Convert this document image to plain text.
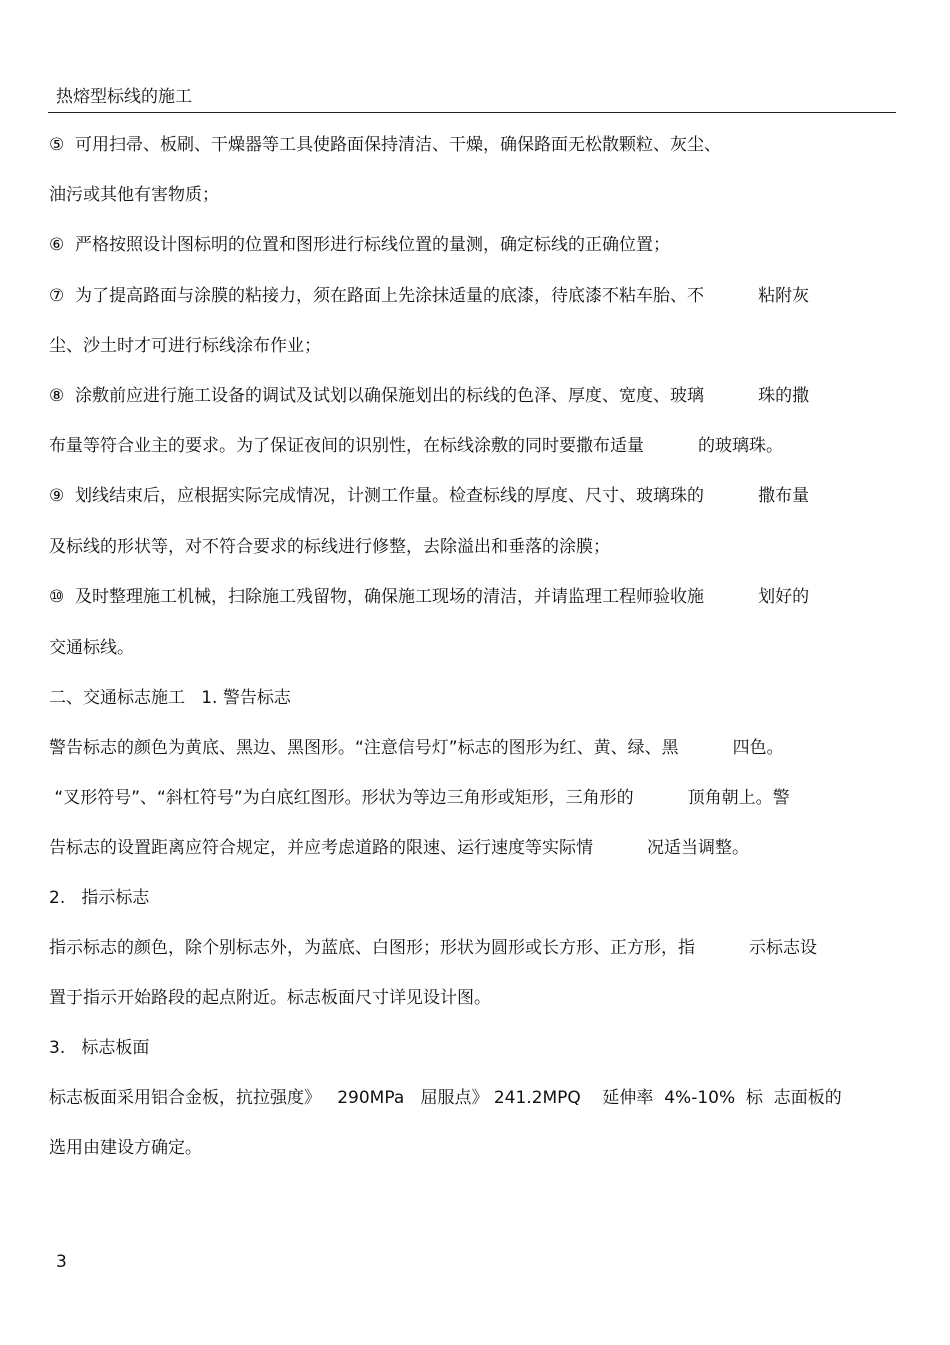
热熔型标线的施工
⑤  可用扫帚、板刷、干燥器等工具使路面保持清洁、干燥，确保路面无松散颗粒、灰尘、
油污或其他有害物质；
⑥  严格按照设计图标明的位置和图形进行标线位置的量测，确定标线的正确位置；
⑦  为了提高路面与涂膜的粘接力，须在路面上先涂抹适量的底漆，待底漆不粘车胎、不          粘附灰
尘、沙土时才可进行标线涂布作业；
⑧  涂敷前应进行施工设备的调试及试划以确保施划出的标线的色泽、厚度、宽度、玻璃          珠的撒
布量等符合业主的要求。为了保证夜间的识别性，在标线涂敷的同时要撒布适量          的玻璃珠。
⑨  划线结束后，应根据实际完成情况，计测工作量。检查标线的厚度、尺寸、玻璃珠的          撒布量
及标线的形状等，对不符合要求的标线进行修整，去除溢出和垂落的涂膜；
⑩  及时整理施工机械，扫除施工残留物，确保施工现场的清洁，并请监理工程师验收施          划好的
交通标线。
二、交通标志施工   1. 警告标志
警告标志的颜色为黄底、黑边、黑图形。“注意信号灯”标志的图形为红、黄、绿、黑          四色。
“叉形符号”、“斜杠符号”为白底红图形。形状为等边三角形或矩形，三角形的          顶角朝上。警
告标志的设置距离应符合规定，并应考虑道路的限速、运行速度等实际情          况适当调整。
2.   指示标志
指示标志的颜色，除个别标志外，为蓝底、白图形；形状为圆形或长方形、正方形，指          示标志设
置于指示开始路段的起点附近。标志板面尺寸详见设计图。
3.   标志板面
标志板面采用铝合金板，抗拉强度》   290MPa   屈服点》 241.2MPQ    延伸率  4%-10%  标  志面板的
选用由建设方确定。
3
